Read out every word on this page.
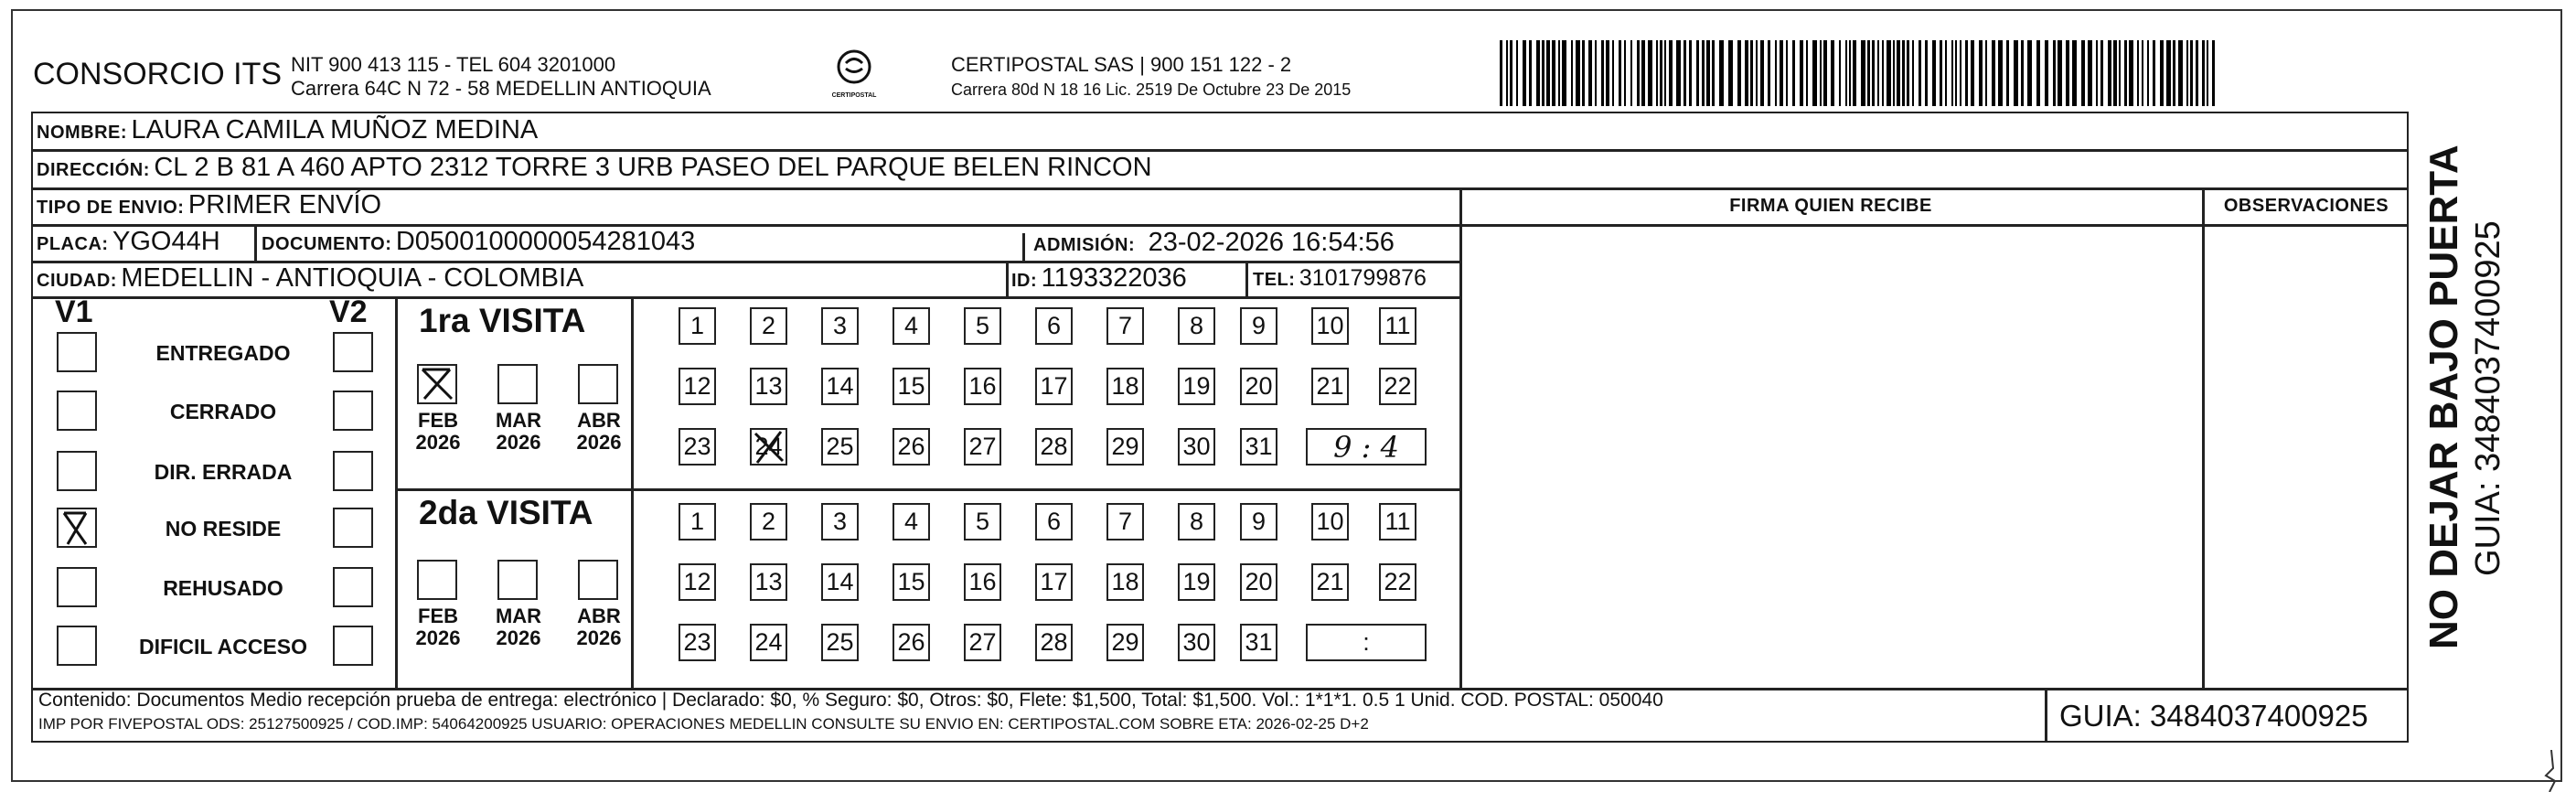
CONSORCIO ITS NIT 900 413 115 - TEL 604 3201000
Carrera 64C N 72 - 58 MEDELLIN ANTIOQUIA	CERTIPOSTAL
CERTIPOSTAL SAS | 900 151 122 - 2
Carrera 80d N 18 16 Lic. 2519 De Octubre 23 De 2015
NOMBRE: LAURA CAMILA MUÑOZ MEDINA
DIRECCIÓN: CL 2 B 81 A 460 APTO 2312 TORRE 3 URB PASEO DEL PARQUE BELEN RINCON
TIPO DE ENVIO: PRIMER ENVÍO	FIRMA QUIEN RECIBE	OBSERVACIONES
PLACA: YGO44H DOCUMENTO: D0500100000054281043	ADMISIÓN: 23-02-2026 16:54:56
CIUDAD: MEDELLIN - ANTIOQUIA - COLOMBIA	ID: 1193322036	TEL: 3101799876
V1	V2
ENTREGADO
CERRADO
DIR. ERRADA
NO RESIDE
REHUSADO
DIFICIL ACCESO
1ra VISITA
2da VISITA
FEB
2026
MAR
2026
ABR
2026
FEB
2026
MAR
2026
ABR
2026
1	2	3	4	5	6	7	8	9	10 11
12 13 14 15 16 17 18 19 20 21 22
23 24 25 26 27 28 29 30 31	9 : 4
1	2	3	4	5	6	7	8	9	10 11
12 13 14 15 16 17 18 19 20 21 22
23 24 25 26 27 28 29 30 31	:
Contenido: Documentos Medio recepción prueba de entrega: electrónico | Declarado: $0, % Seguro: $0, Otros: $0, Flete: $1,500, Total: $1,500. Vol.: 1*1*1. 0.5 1 Unid. COD. POSTAL: 050040
IMP POR FIVEPOSTAL ODS: 25127500925 / COD.IMP: 54064200925 USUARIO: OPERACIONES MEDELLIN CONSULTE SU ENVIO EN: CERTIPOSTAL.COM SOBRE ETA: 2026-02-25 D+2	GUIA: 3484037400925
NO DEJAR BAJO PUERTA GUIA: 3484037400925
